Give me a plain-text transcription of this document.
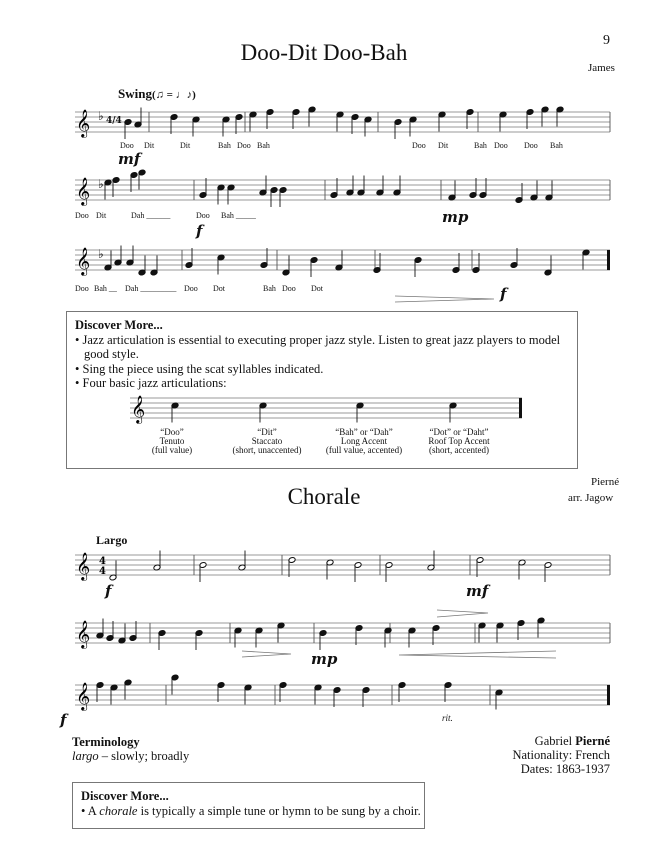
𝄞 ♭
𝄞 ♭
𝄞 ♭
𝄞 4
4
𝄞
𝄞
𝄞
9
Doo-Dit Doo-Bah
James
Swing(♫ = ♩♪)
4/4
Doo Dit	Dit	Bah Doo Bah	Doo Dit	Bah Doo Doo Bah
mf
Doo Dit	Dah ______	Doo Bah _____
f
mp
Doo Bah __ Dah _________ Doo Dot	Bah Doo Dot	f

Discover More...

• Jazz articulation is essential to executing proper jazz style. Listen to great jazz players to model good style.

• Sing the piece using the scat syllables indicated.

• Four basic jazz articulations:

“Doo”
Tenuto
(full value)
“Dit”
Staccato
(short, unaccented)
“Bah” or “Dah”
Long Accent
(full value, accented)
“Dot” or “Daht”
Roof Top Accent
(short, accented)
Chorale
Pierné
arr. Jagow
Largo
f	mf
mp
f	rit.
Terminology
largo – slowly; broadly
Gabriel Pierné
Nationality: French
Dates: 1863-1937

Discover More...

• A chorale is typically a simple tune or hymn to be sung by a choir.
